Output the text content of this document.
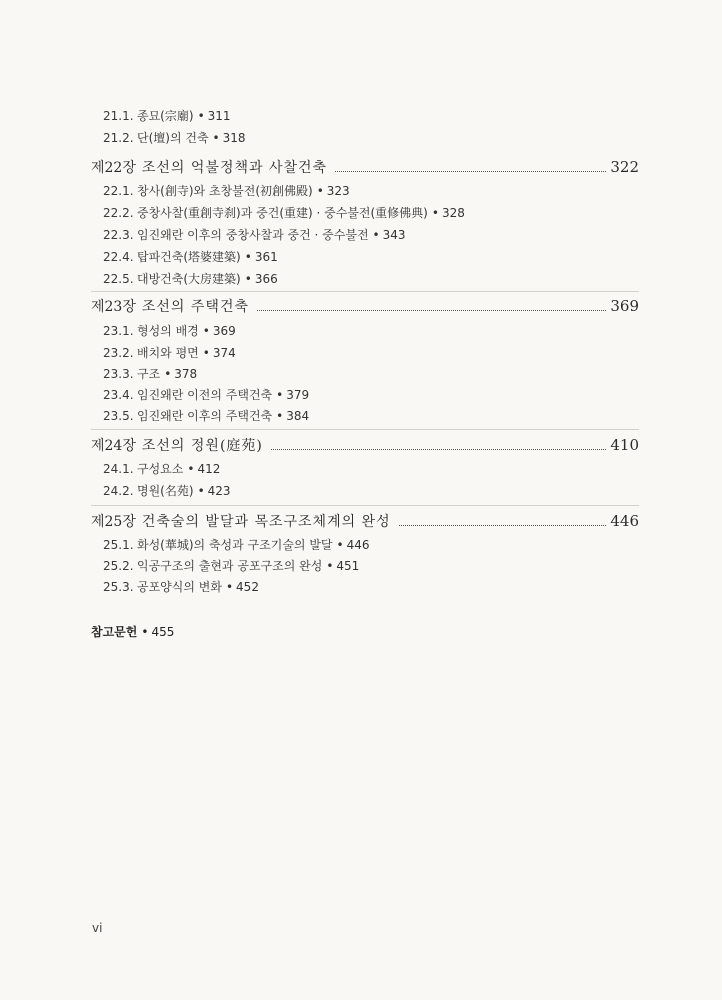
21.1. 종묘(宗廟) • 311
21.2. 단(壇)의 건축 • 318
제22장 조선의 억불정책과 사찰건축	322
22.1. 창사(創寺)와 초창불전(初創佛殿) • 323
22.2. 중창사찰(重創寺刹)과 중건(重建) · 중수불전(重修佛典) • 328
22.3. 임진왜란 이후의 중창사찰과 중건 · 중수불전 • 343
22.4. 탑파건축(塔婆建築) • 361
22.5. 대방건축(大房建築) • 366
제23장 조선의 주택건축	369
23.1. 형성의 배경 • 369
23.2. 배치와 평면 • 374
23.3. 구조 • 378
23.4. 임진왜란 이전의 주택건축 • 379
23.5. 임진왜란 이후의 주택건축 • 384
제24장 조선의 정원(庭苑)	410
24.1. 구성요소 • 412
24.2. 명원(名苑) • 423
제25장 건축술의 발달과 목조구조체계의 완성	446
25.1. 화성(華城)의 축성과 구조기술의 발달 • 446
25.2. 익공구조의 출현과 공포구조의 완성 • 451
25.3. 공포양식의 변화 • 452
참고문헌 • 455
vi
